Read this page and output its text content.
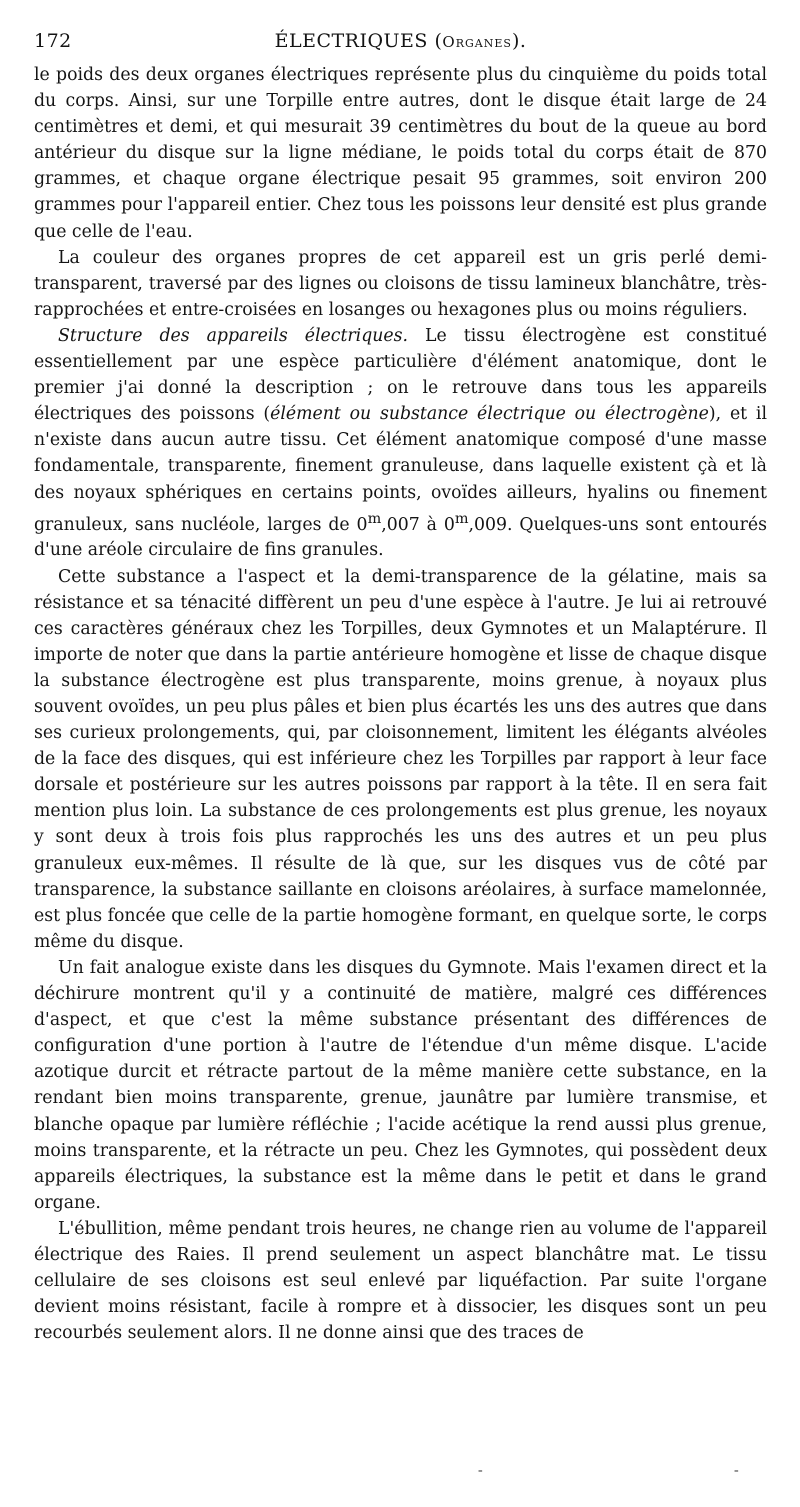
172	ÉLECTRIQUES (Organes).

le poids des deux organes électriques représente plus du cinquième du poids total du corps. Ainsi, sur une Torpille entre autres, dont le disque était large de 24 centimètres et demi, et qui mesurait 39 centimètres du bout de la queue au bord antérieur du disque sur la ligne médiane, le poids total du corps était de 870 grammes, et chaque organe électrique pesait 95 grammes, soit environ 200 grammes pour l'appareil entier. Chez tous les poissons leur densité est plus grande que celle de l'eau.

La couleur des organes propres de cet appareil est un gris perlé demi-transparent, traversé par des lignes ou cloisons de tissu lamineux blanchâtre, très-rapprochées et entre-croisées en losanges ou hexagones plus ou moins réguliers.

Structure des appareils électriques. Le tissu électrogène est constitué essentiellement par une espèce particulière d'élément anatomique, dont le premier j'ai donné la description ; on le retrouve dans tous les appareils électriques des poissons (élément ou substance électrique ou électrogène), et il n'existe dans aucun autre tissu. Cet élément anatomique composé d'une masse fondamentale, transparente, finement granuleuse, dans laquelle existent çà et là des noyaux sphériques en certains points, ovoïdes ailleurs, hyalins ou finement granuleux, sans nucléole, larges de 0$^m$,007 à 0$^m$,009. Quelques-uns sont entourés d'une aréole circulaire de fins granules.

Cette substance a l'aspect et la demi-transparence de la gélatine, mais sa résistance et sa ténacité diffèrent un peu d'une espèce à l'autre. Je lui ai retrouvé ces caractères généraux chez les Torpilles, deux Gymnotes et un Malaptérure. Il importe de noter que dans la partie antérieure homogène et lisse de chaque disque la substance électrogène est plus transparente, moins grenue, à noyaux plus souvent ovoïdes, un peu plus pâles et bien plus écartés les uns des autres que dans ses curieux prolongements, qui, par cloisonnement, limitent les élégants alvéoles de la face des disques, qui est inférieure chez les Torpilles par rapport à leur face dorsale et postérieure sur les autres poissons par rapport à la tête. Il en sera fait mention plus loin. La substance de ces prolongements est plus grenue, les noyaux y sont deux à trois fois plus rapprochés les uns des autres et un peu plus granuleux eux-mêmes. Il résulte de là que, sur les disques vus de côté par transparence, la substance saillante en cloisons aréolaires, à surface mamelonnée, est plus foncée que celle de la partie homogène formant, en quelque sorte, le corps même du disque.

Un fait analogue existe dans les disques du Gymnote. Mais l'examen direct et la déchirure montrent qu'il y a continuité de matière, malgré ces différences d'aspect, et que c'est la même substance présentant des différences de configuration d'une portion à l'autre de l'étendue d'un même disque. L'acide azotique durcit et rétracte partout de la même manière cette substance, en la rendant bien moins transparente, grenue, jaunâtre par lumière transmise, et blanche opaque par lumière réfléchie ; l'acide acétique la rend aussi plus grenue, moins transparente, et la rétracte un peu. Chez les Gymnotes, qui possèdent deux appareils électriques, la substance est la même dans le petit et dans le grand organe.

L'ébullition, même pendant trois heures, ne change rien au volume de l'appareil électrique des Raies. Il prend seulement un aspect blanchâtre mat. Le tissu cellulaire de ses cloisons est seul enlevé par liquéfaction. Par suite l'organe devient moins résistant, facile à rompre et à dissocier, les disques sont un peu recourbés seulement alors. Il ne donne ainsi que des traces de

-	-
